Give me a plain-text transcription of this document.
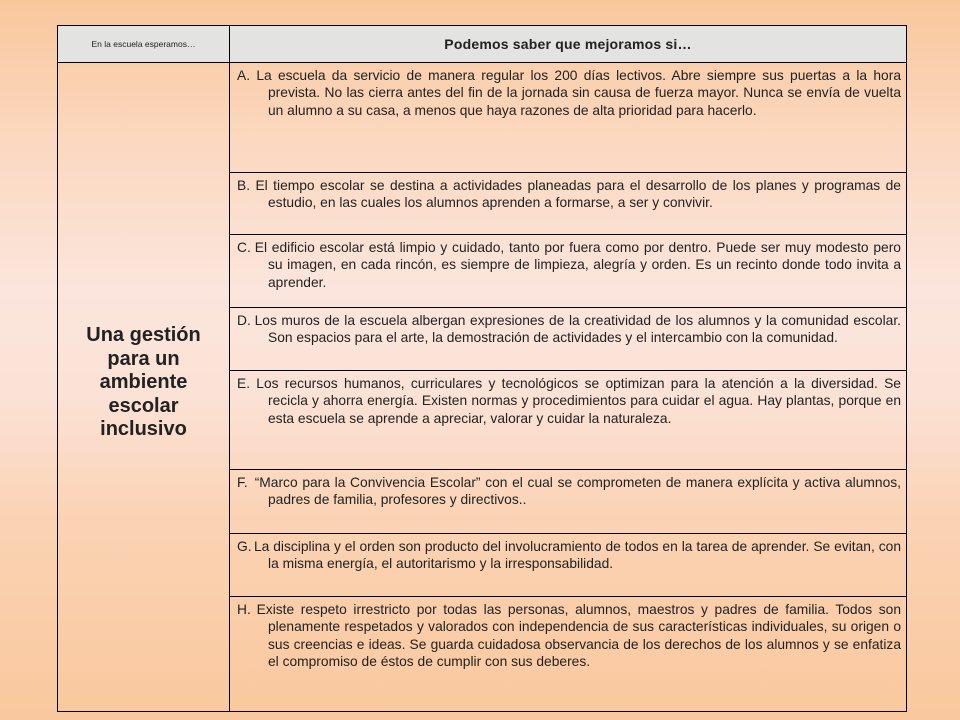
En la escuela esperamos…	Podemos saber que mejoramos si…

Una gestión para un ambiente escolar inclusivo	A. La escuela da servicio de manera regular los 200 días lectivos. Abre siempre sus puertas a la hora prevista. No las cierra antes del fin de la jornada sin causa de fuerza mayor. Nunca se envía de vuelta un alumno a su casa, a menos que haya razones de alta prioridad para hacerlo.

	B. El tiempo escolar se destina a actividades planeadas para el desarrollo de los planes y programas de estudio, en las cuales los alumnos aprenden a formarse, a ser y convivir.

	C. El edificio escolar está limpio y cuidado, tanto por fuera como por dentro. Puede ser muy modesto pero su imagen, en cada rincón, es siempre de limpieza, alegría y orden. Es un recinto donde todo invita a aprender.

	D. Los muros de la escuela albergan expresiones de la creatividad de los alumnos y la comunidad escolar. Son espacios para el arte, la demostración de actividades y el intercambio con la comunidad.

	E. Los recursos humanos, curriculares y tecnológicos se optimizan para la atención a la diversidad. Se recicla y ahorra energía. Existen normas y procedimientos para cuidar el agua. Hay plantas, porque en esta escuela se aprende a apreciar, valorar y cuidar la naturaleza.

	F. “Marco para la Convivencia Escolar” con el cual se comprometen de manera explícita y activa alumnos, padres de familia, profesores y directivos..

	G. La disciplina y el orden son producto del involucramiento de todos en la tarea de aprender. Se evitan, con la misma energía, el autoritarismo y la irresponsabilidad.

	H. Existe respeto irrestricto por todas las personas, alumnos, maestros y padres de familia. Todos son plenamente respetados y valorados con independencia de sus características individuales, su origen o sus creencias e ideas. Se guarda cuidadosa observancia de los derechos de los alumnos y se enfatiza el compromiso de éstos de cumplir con sus deberes.
